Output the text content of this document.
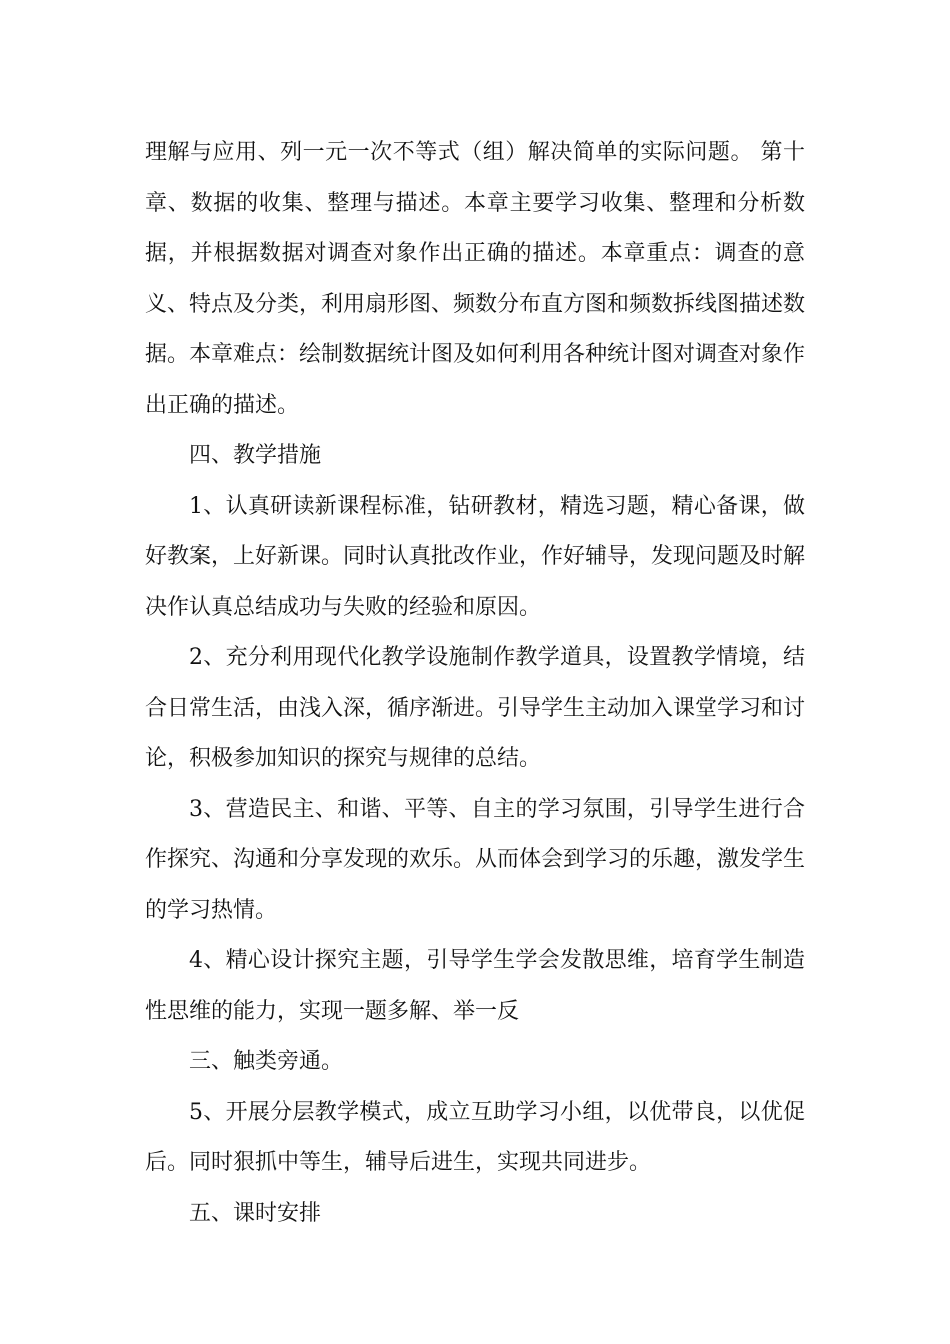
理解与应用、列一元一次不等式（组）解决简单的实际问题。 第十章、数据的收集、整理与描述。本章主要学习收集、整理和分析数据，并根据数据对调查对象作出正确的描述。本章重点：调查的意义、特点及分类，利用扇形图、频数分布直方图和频数拆线图描述数据。本章难点：绘制数据统计图及如何利用各种统计图对调查对象作出正确的描述。

四、教学措施

1、认真研读新课程标准，钻研教材，精选习题，精心备课，做好教案，上好新课。同时认真批改作业，作好辅导，发现问题及时解决作认真总结成功与失败的经验和原因。

2、充分利用现代化教学设施制作教学道具，设置教学情境，结合日常生活，由浅入深，循序渐进。引导学生主动加入课堂学习和讨论，积极参加知识的探究与规律的总结。

3、营造民主、和谐、平等、自主的学习氛围，引导学生进行合作探究、沟通和分享发现的欢乐。从而体会到学习的乐趣，激发学生的学习热情。

4、精心设计探究主题，引导学生学会发散思维，培育学生制造性思维的能力，实现一题多解、举一反

三、触类旁通。

5、开展分层教学模式，成立互助学习小组，以优带良，以优促后。同时狠抓中等生，辅导后进生，实现共同进步。

五、课时安排
